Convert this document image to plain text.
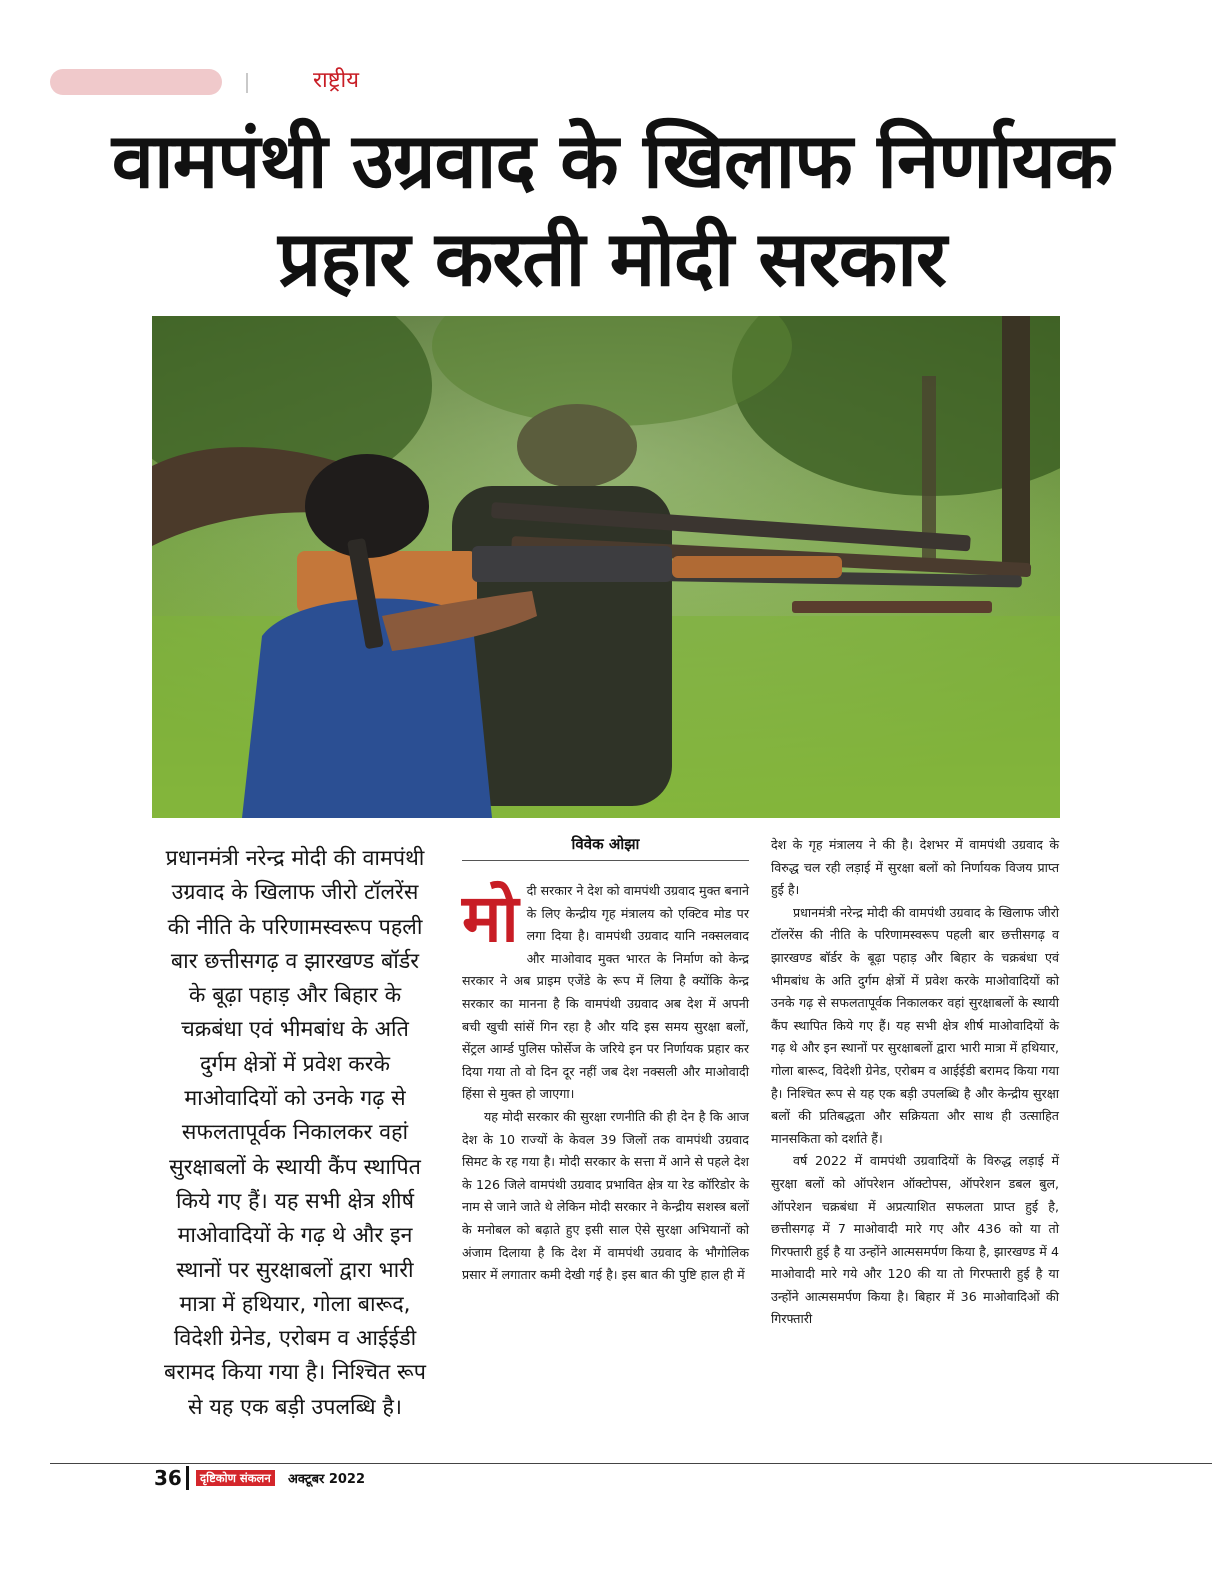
राष्ट्रीय
वामपंथी उग्रवाद के खिलाफ निर्णायक प्रहार करती मोदी सरकार

प्रधानमंत्री नरेन्द्र मोदी की वामपंथी उग्रवाद के खिलाफ जीरो टॉलरेंस की नीति के परिणामस्वरूप पहली बार छत्तीसगढ़ व झारखण्ड बॉर्डर के बूढ़ा पहाड़ और बिहार के चक्रबंधा एवं भीमबांध के अति दुर्गम क्षेत्रों में प्रवेश करके माओवादियों को उनके गढ़ से सफलतापूर्वक निकालकर वहां सुरक्षाबलों के स्थायी कैंप स्थापित किये गए हैं। यह सभी क्षेत्र शीर्ष माओवादियों के गढ़ थे और इन स्थानों पर सुरक्षाबलों द्वारा भारी मात्रा में हथियार, गोला बारूद, विदेशी ग्रेनेड, एरोबम व आईईडी बरामद किया गया है। निश्चित रूप से यह एक बड़ी उपलब्धि है।

विवेक ओझा
मो दी सरकार ने देश को वामपंथी उग्रवाद मुक्त बनाने के लिए केन्द्रीय गृह मंत्रालय को एक्टिव मोड पर लगा दिया है। वामपंथी उग्रवाद यानि नक्सलवाद और माओवाद मुक्त भारत के निर्माण को केन्द्र सरकार ने अब प्राइम एजेंडे के रूप में लिया है क्योंकि केन्द्र सरकार का मानना है कि वामपंथी उग्रवाद अब देश में अपनी बची खुची सांसें गिन रहा है और यदि इस समय सुरक्षा बलों, सेंट्रल आर्म्ड पुलिस फोर्सेज के जरिये इन पर निर्णायक प्रहार कर दिया गया तो वो दिन दूर नहीं जब देश नक्सली और माओवादी हिंसा से मुक्त हो जाएगा।

यह मोदी सरकार की सुरक्षा रणनीति की ही देन है कि आज देश के 10 राज्यों के केवल 39 जिलों तक वामपंथी उग्रवाद सिमट के रह गया है। मोदी सरकार के सत्ता में आने से पहले देश के 126 जिले वामपंथी उग्रवाद प्रभावित क्षेत्र या रेड कॉरिडोर के नाम से जाने जाते थे लेकिन मोदी सरकार ने केन्द्रीय सशस्त्र बलों के मनोबल को बढ़ाते हुए इसी साल ऐसे सुरक्षा अभियानों को अंजाम दिलाया है कि देश में वामपंथी उग्रवाद के भौगोलिक प्रसार में लगातार कमी देखी गई है। इस बात की पुष्टि हाल ही में

देश के गृह मंत्रालय ने की है। देशभर में वामपंथी उग्रवाद के विरुद्ध चल रही लड़ाई में सुरक्षा बलों को निर्णायक विजय प्राप्त हुई है।

प्रधानमंत्री नरेन्द्र मोदी की वामपंथी उग्रवाद के खिलाफ जीरो टॉलरेंस की नीति के परिणामस्वरूप पहली बार छत्तीसगढ़ व झारखण्ड बॉर्डर के बूढ़ा पहाड़ और बिहार के चक्रबंधा एवं भीमबांध के अति दुर्गम क्षेत्रों में प्रवेश करके माओवादियों को उनके गढ़ से सफलतापूर्वक निकालकर वहां सुरक्षाबलों के स्थायी कैंप स्थापित किये गए हैं। यह सभी क्षेत्र शीर्ष माओवादियों के गढ़ थे और इन स्थानों पर सुरक्षाबलों द्वारा भारी मात्रा में हथियार, गोला बारूद, विदेशी ग्रेनेड, एरोबम व आईईडी बरामद किया गया है। निश्चित रूप से यह एक बड़ी उपलब्धि है और केन्द्रीय सुरक्षा बलों की प्रतिबद्धता और सक्रियता और साथ ही उत्साहित मानसकिता को दर्शाते हैं।

वर्ष 2022 में वामपंथी उग्रवादियों के विरुद्ध लड़ाई में सुरक्षा बलों को ऑपरेशन ऑक्टोपस, ऑपरेशन डबल बुल, ऑपरेशन चक्रबंधा में अप्रत्याशित सफलता प्राप्त हुई है, छत्तीसगढ़ में 7 माओवादी मारे गए और 436 को या तो गिरफ्तारी हुई है या उन्होंने आत्मसमर्पण किया है, झारखण्ड में 4 माओवादी मारे गये और 120 की या तो गिरफ्तारी हुई है या उन्होंने आत्मसमर्पण किया है। बिहार में 36 माओवादिओं की गिरफ्तारी

36	दृष्टिकोण संकलन	अक्टूबर 2022
